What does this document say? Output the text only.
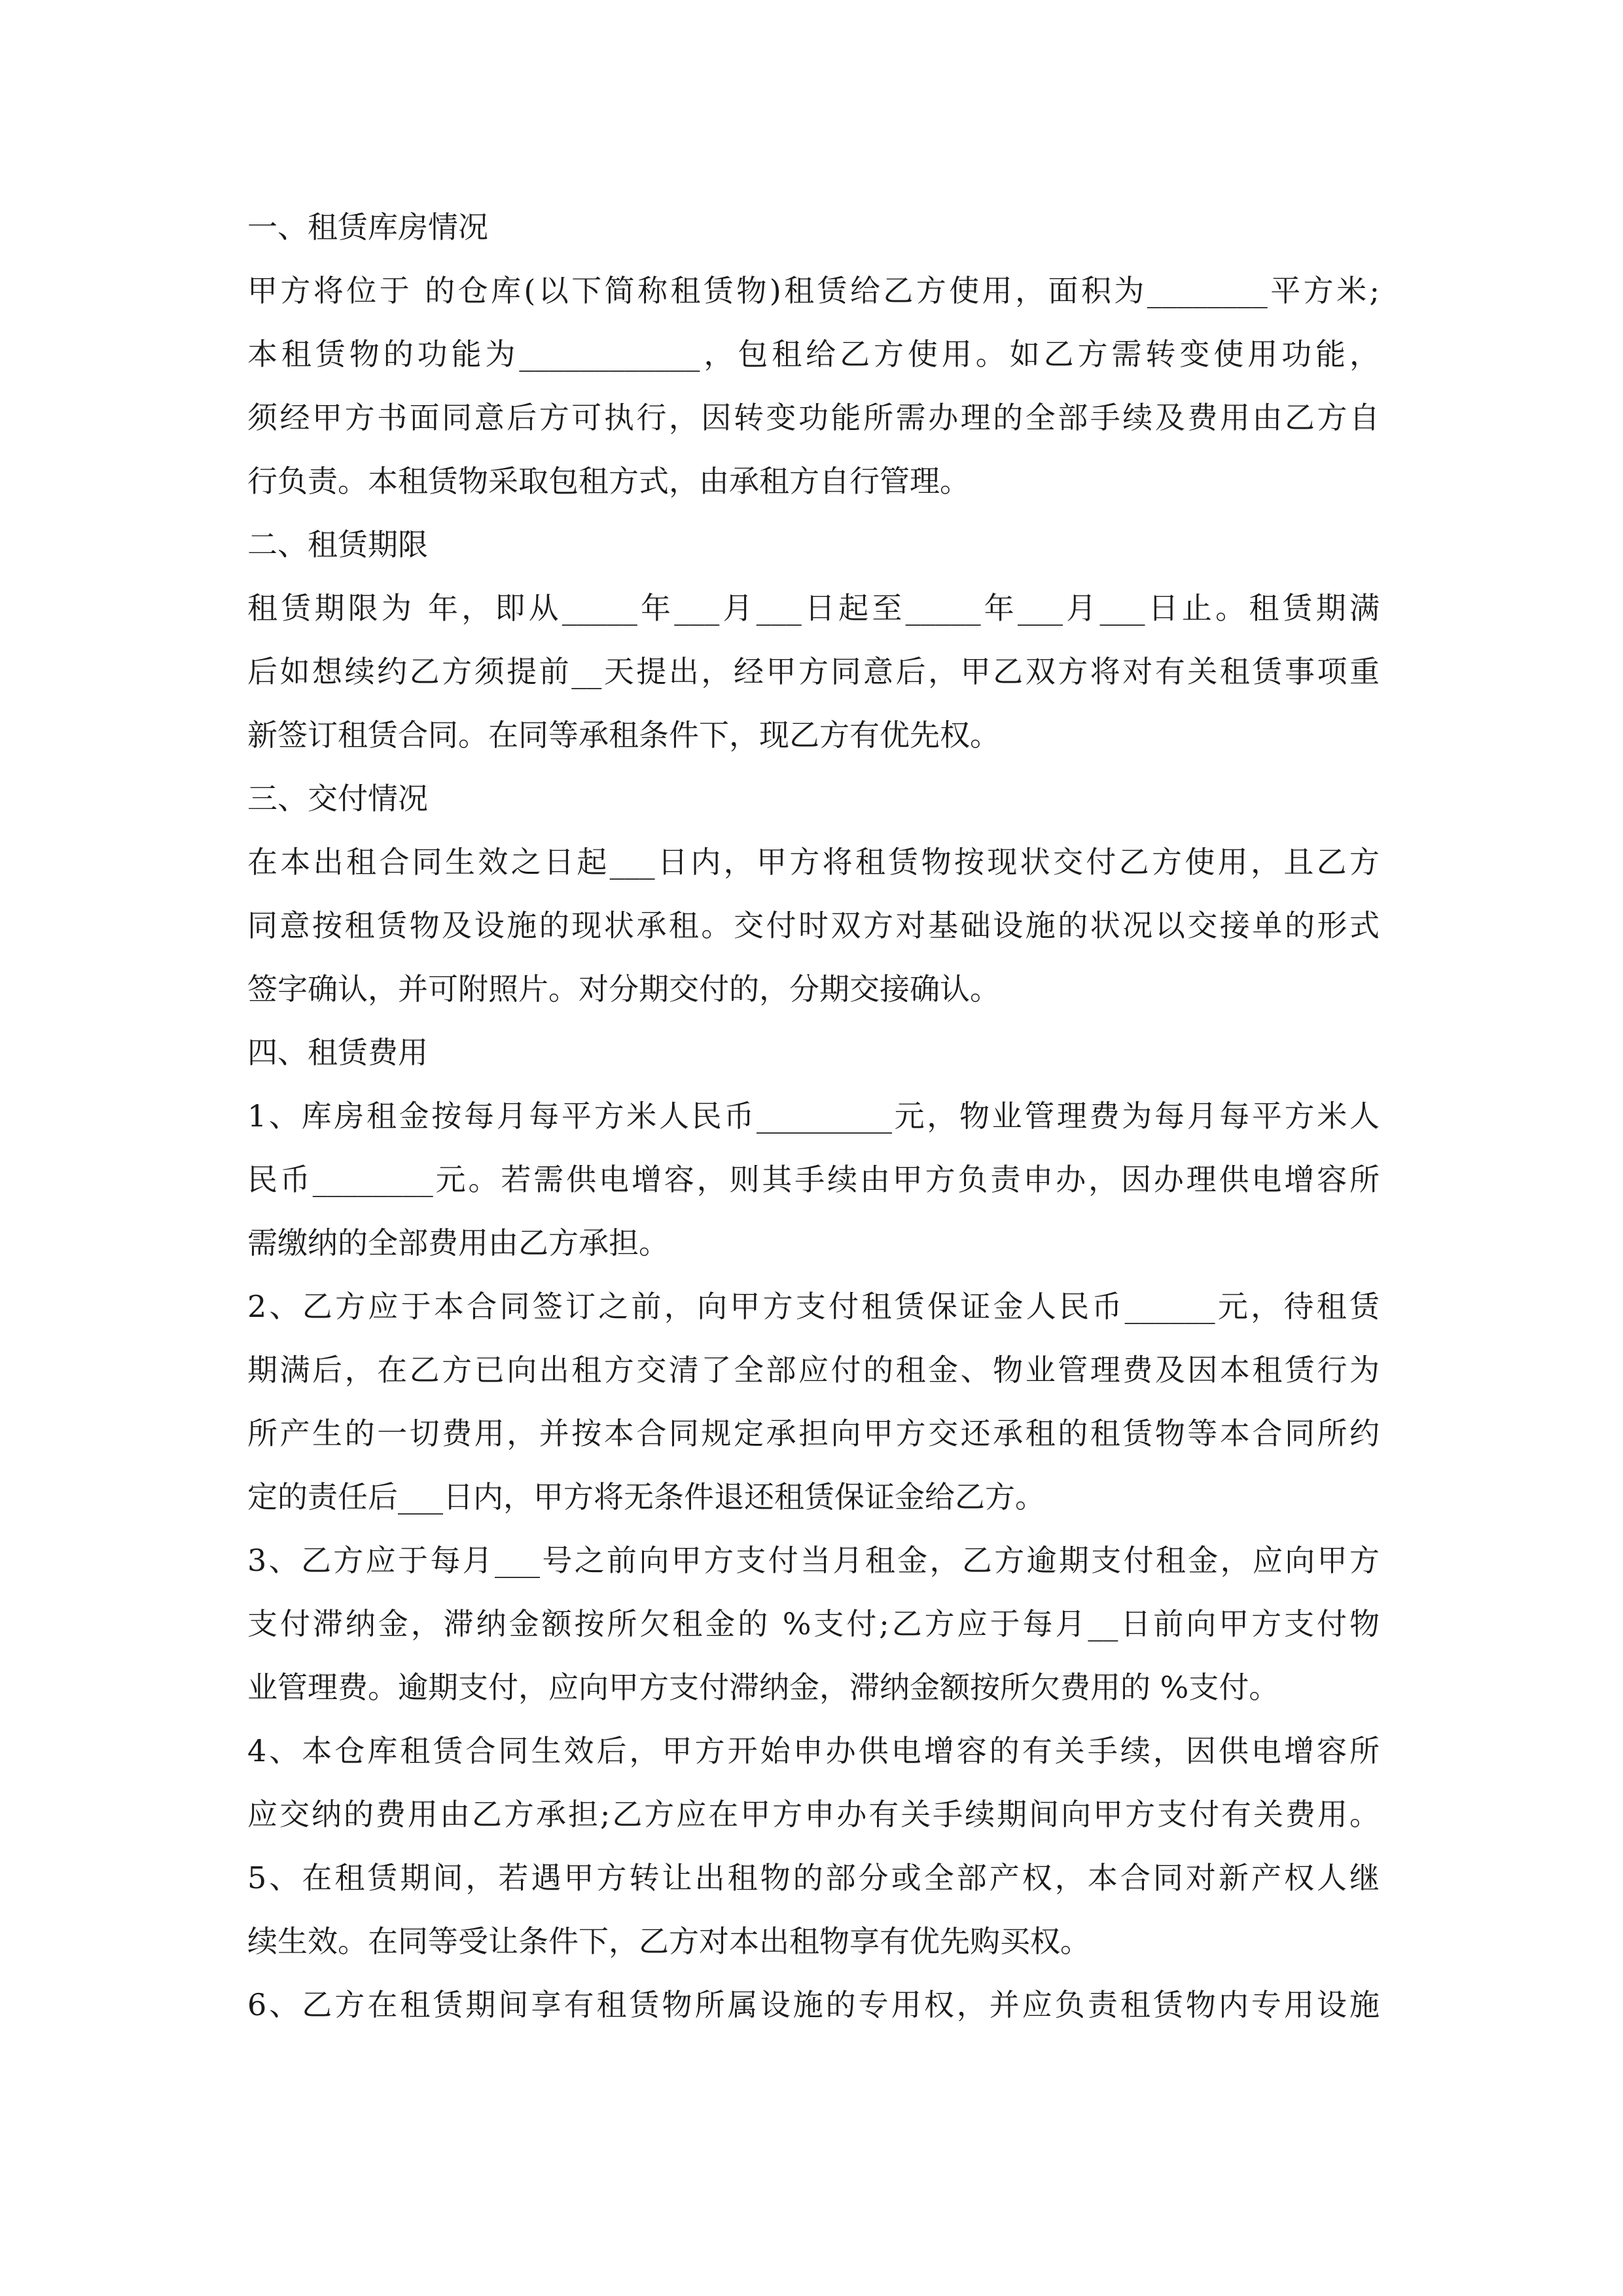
一、租赁库房情况
甲方将位于 的仓库(以下简称租赁物)租赁给乙方使用，面积为________平方米;
本租赁物的功能为____________，包租给乙方使用。如乙方需转变使用功能，
须经甲方书面同意后方可执行，因转变功能所需办理的全部手续及费用由乙方自
行负责。本租赁物采取包租方式，由承租方自行管理。
二、租赁期限
租赁期限为 年，即从_____年___月___日起至_____年___月___日止。租赁期满
后如想续约乙方须提前__天提出，经甲方同意后，甲乙双方将对有关租赁事项重
新签订租赁合同。在同等承租条件下，现乙方有优先权。
三、交付情况
在本出租合同生效之日起___日内，甲方将租赁物按现状交付乙方使用，且乙方
同意按租赁物及设施的现状承租。交付时双方对基础设施的状况以交接单的形式
签字确认，并可附照片。对分期交付的，分期交接确认。
四、租赁费用
1、库房租金按每月每平方米人民币_________元，物业管理费为每月每平方米人
民币________元。若需供电增容，则其手续由甲方负责申办，因办理供电增容所
需缴纳的全部费用由乙方承担。
2、乙方应于本合同签订之前，向甲方支付租赁保证金人民币______元，待租赁
期满后，在乙方已向出租方交清了全部应付的租金、物业管理费及因本租赁行为
所产生的一切费用，并按本合同规定承担向甲方交还承租的租赁物等本合同所约
定的责任后___日内，甲方将无条件退还租赁保证金给乙方。
3、乙方应于每月___号之前向甲方支付当月租金，乙方逾期支付租金，应向甲方
支付滞纳金，滞纳金额按所欠租金的 %支付;乙方应于每月__日前向甲方支付物
业管理费。逾期支付，应向甲方支付滞纳金，滞纳金额按所欠费用的 %支付。
4、本仓库租赁合同生效后，甲方开始申办供电增容的有关手续，因供电增容所
应交纳的费用由乙方承担;乙方应在甲方申办有关手续期间向甲方支付有关费用。
5、在租赁期间，若遇甲方转让出租物的部分或全部产权，本合同对新产权人继
续生效。在同等受让条件下，乙方对本出租物享有优先购买权。
6、乙方在租赁期间享有租赁物所属设施的专用权，并应负责租赁物内专用设施
